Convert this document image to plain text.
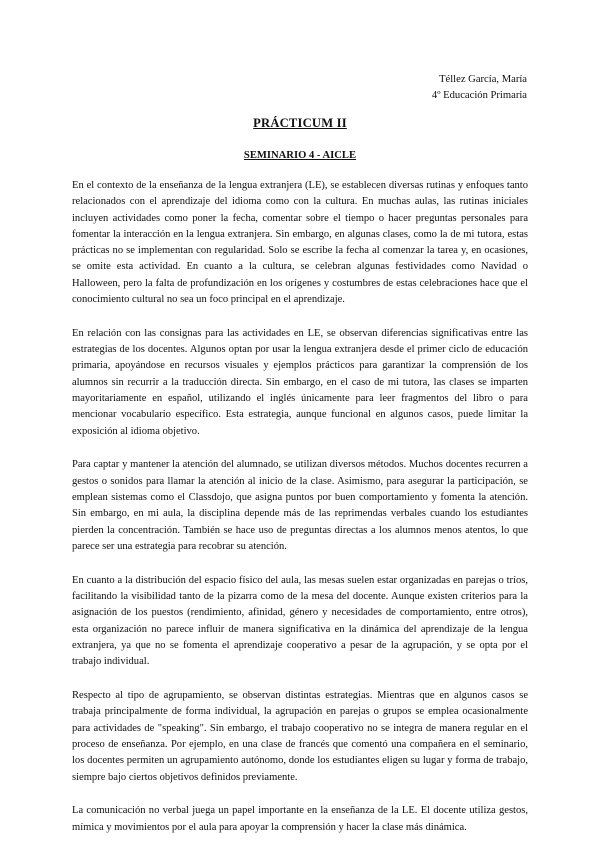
Téllez García, María
4º Educación Primaria
PRÁCTICUM II
SEMINARIO 4 - AICLE

En el contexto de la enseñanza de la lengua extranjera (LE), se establecen diversas rutinas y enfoques tanto relacionados con el aprendizaje del idioma como con la cultura. En muchas aulas, las rutinas iniciales incluyen actividades como poner la fecha, comentar sobre el tiempo o hacer preguntas personales para fomentar la interacción en la lengua extranjera. Sin embargo, en algunas clases, como la de mi tutora, estas prácticas no se implementan con regularidad. Solo se escribe la fecha al comenzar la tarea y, en ocasiones, se omite esta actividad. En cuanto a la cultura, se celebran algunas festividades como Navidad o Halloween, pero la falta de profundización en los orígenes y costumbres de estas celebraciones hace que el conocimiento cultural no sea un foco principal en el aprendizaje.

En relación con las consignas para las actividades en LE, se observan diferencias significativas entre las estrategias de los docentes. Algunos optan por usar la lengua extranjera desde el primer ciclo de educación primaria, apoyándose en recursos visuales y ejemplos prácticos para garantizar la comprensión de los alumnos sin recurrir a la traducción directa. Sin embargo, en el caso de mi tutora, las clases se imparten mayoritariamente en español, utilizando el inglés únicamente para leer fragmentos del libro o para mencionar vocabulario específico. Esta estrategia, aunque funcional en algunos casos, puede limitar la exposición al idioma objetivo.

Para captar y mantener la atención del alumnado, se utilizan diversos métodos. Muchos docentes recurren a gestos o sonidos para llamar la atención al inicio de la clase. Asimismo, para asegurar la participación, se emplean sistemas como el Classdojo, que asigna puntos por buen comportamiento y fomenta la atención. Sin embargo, en mi aula, la disciplina depende más de las reprimendas verbales cuando los estudiantes pierden la concentración. También se hace uso de preguntas directas a los alumnos menos atentos, lo que parece ser una estrategia para recobrar su atención.

En cuanto a la distribución del espacio físico del aula, las mesas suelen estar organizadas en parejas o tríos, facilitando la visibilidad tanto de la pizarra como de la mesa del docente. Aunque existen criterios para la asignación de los puestos (rendimiento, afinidad, género y necesidades de comportamiento, entre otros), esta organización no parece influir de manera significativa en la dinámica del aprendizaje de la lengua extranjera, ya que no se fomenta el aprendizaje cooperativo a pesar de la agrupación, y se opta por el trabajo individual.

Respecto al tipo de agrupamiento, se observan distintas estrategias. Mientras que en algunos casos se trabaja principalmente de forma individual, la agrupación en parejas o grupos se emplea ocasionalmente para actividades de "speaking". Sin embargo, el trabajo cooperativo no se integra de manera regular en el proceso de enseñanza. Por ejemplo, en una clase de francés que comentó una compañera en el seminario, los docentes permiten un agrupamiento autónomo, donde los estudiantes eligen su lugar y forma de trabajo, siempre bajo ciertos objetivos definidos previamente.

La comunicación no verbal juega un papel importante en la enseñanza de la LE. El docente utiliza gestos, mímica y movimientos por el aula para apoyar la comprensión y hacer la clase más dinámica.
